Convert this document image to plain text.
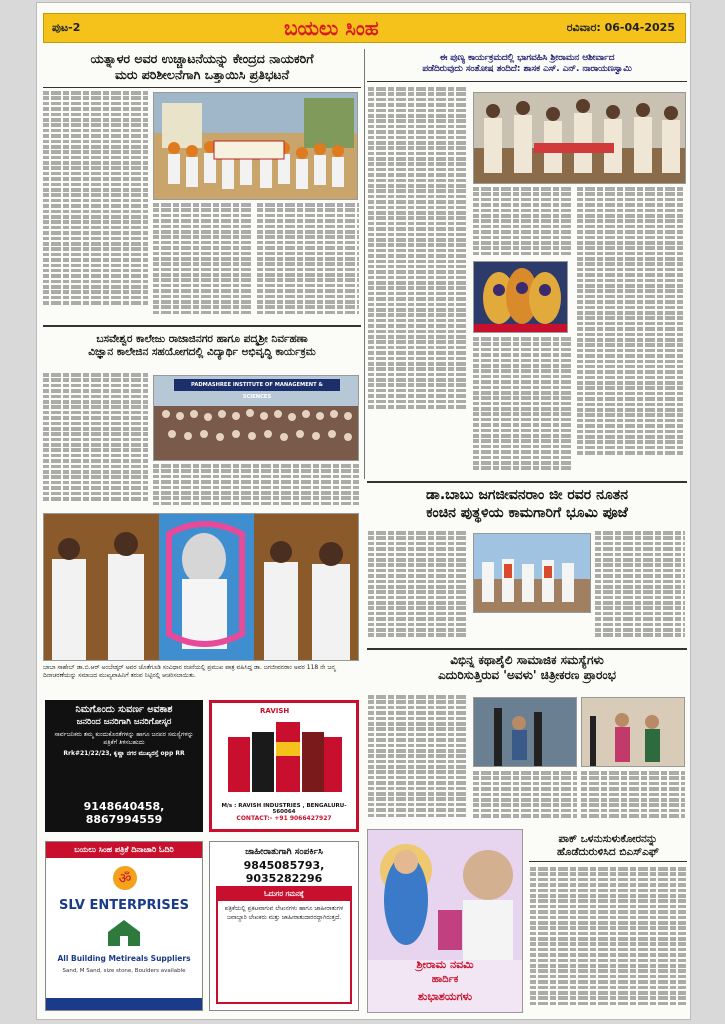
ಪುಟ-2	ಬಯಲು ಸಿಂಹ	ರವಿವಾರ: 06-04-2025
ಯತ್ನಾಳರ ಅವರ ಉಚ್ಚಾಟನೆಯನ್ನು ಕೇಂದ್ರದ ನಾಯಕರಿಗೆ
ಮರು ಪರಿಶೀಲನೆಗಾಗಿ ಒತ್ತಾಯಿಸಿ ಪ್ರತಿಭಟನೆ
ಈ ಪುಣ್ಯ ಕಾರ್ಯಕ್ರಮದಲ್ಲಿ ಭಾಗವಹಿಸಿ ಶ್ರೀರಾಮನ ಆಶೀರ್ವಾದ
ಪಡೆದಿರುವುದು ಸಂತೋಷ ತಂದಿದೆ: ಶಾಸಕ ಎಸ್. ಎನ್. ನಾರಾಯಣಸ್ವಾಮಿ
ಬಸವೇಶ್ವರ ಕಾಲೇಜು ರಾಜಾಜಿನಗರ ಹಾಗೂ ಪದ್ಮಶ್ರೀ ನಿರ್ವಹಣಾ
ವಿಜ್ಞಾನ ಕಾಲೇಜಿನ ಸಹಯೋಗದಲ್ಲಿ ವಿದ್ಯಾರ್ಥಿ ಅಭಿವೃದ್ಧಿ ಕಾರ್ಯಕ್ರಮ
PADMASHREE INSTITUTE OF MANAGEMENT & SCIENCES
ಬಾಬಾ ಸಾಹೇಬ್ ಡಾ.ಬಿ.ಆರ್ ಅಂಬೇಡ್ಕರ್ ಅವರ ಜೊತೆಗೂಡಿ ಸಂವಿಧಾನ ರಚನೆಯಲ್ಲಿ ಪ್ರಮುಖ ಪಾತ್ರ ವಹಿಸಿದ್ದ ಡಾ. ಜಗಜೀವನರಾಂ ಅವರ 118 ನೇ ಜನ್ಮ ದಿನಾಚರಣೆಯನ್ನು ಸಮಾಜದ ಮುಖ್ಯವಾಹಿನಿಗೆ ತರುವ ನಿಟ್ಟಿನಲ್ಲಿ ಆಚರಿಸಲಾಯಿತು.
ಡಾ.ಬಾಬು ಜಗಜೀವನರಾಂ ಜೀ ರವರ ನೂತನ
ಕಂಚಿನ ಪುತ್ಥಳಿಯ ಕಾಮಗಾರಿಗೆ ಭೂಮಿ ಪೂಜೆ
ವಿಭಿನ್ನ ಕಥಾಶೈಲಿ ಸಾಮಾಜಿಕ ಸಮಸ್ಯೆಗಳು
ಎದುರಿಸುತ್ತಿರುವ 'ಅವಳು' ಚಿತ್ರೀಕರಣ ಪ್ರಾರಂಭ
ನಿಮಗೊಂದು ಸುವರ್ಣ ಅವಕಾಶ
ಜನರಿಂದ ಜನರಿಗಾಗಿ ಜನರಿಗೋಸ್ಕರ
ಸಾರ್ವಜನಿಕರು ತಮ್ಮ ಕುಂದುಕೊರತೆಗಳನ್ನು ಹಾಗೂ ಜನಪರ ಸಮಸ್ಯೆಗಳನ್ನು ಪತ್ರಿಕೆಗೆ ತಿಳಿಸಬಹುದು
Rrk#21/22/23, ಕೃಷ್ಣಾ ನಗರ ಮುಖ್ಯರಸ್ತೆ opp RR
9148640458, 8867994559
RAVISH
M/s : RAVISH INDUSTRIES , BENGALURU-560064
CONTACT:- +91 9066427927
ಬಯಲು ಸಿಂಹ ಪತ್ರಿಕೆ ದಿನಾಚಾರಿ ಓದಿರಿ
ॐ
SLV ENTERPRISES
All Building Metireals Suppliers
Sand, M Sand, size stone, Boulders available
ಜಾಹೀರಾತುಗಾಗಿ ಸಂಪರ್ಕಿಸಿ
9845085793, 9035282296
ಓದುಗರ ಗಮನಕ್ಕೆ
ಪತ್ರಿಕೆಯಲ್ಲಿ ಪ್ರಕಟವಾಗುವ ಲೇಖನಗಳು ಹಾಗೂ ಜಾಹೀರಾತುಗಳ ಜವಾಬ್ದಾರಿ ಲೇಖಕರು ಮತ್ತು ಜಾಹೀರಾತುದಾರರದ್ದಾಗಿರುತ್ತದೆ.
ಶ್ರೀರಾಮ ನವಮಿ
ಹಾರ್ದಿಕ
ಶುಭಾಶಯಗಳು
ಪಾಕ್‌ ಒಳನುಸುಳುಕೋರನನ್ನು
ಹೊಡೆದುರುಳಿಸಿದ ಬಿಎಸ್‌ಎಫ್
